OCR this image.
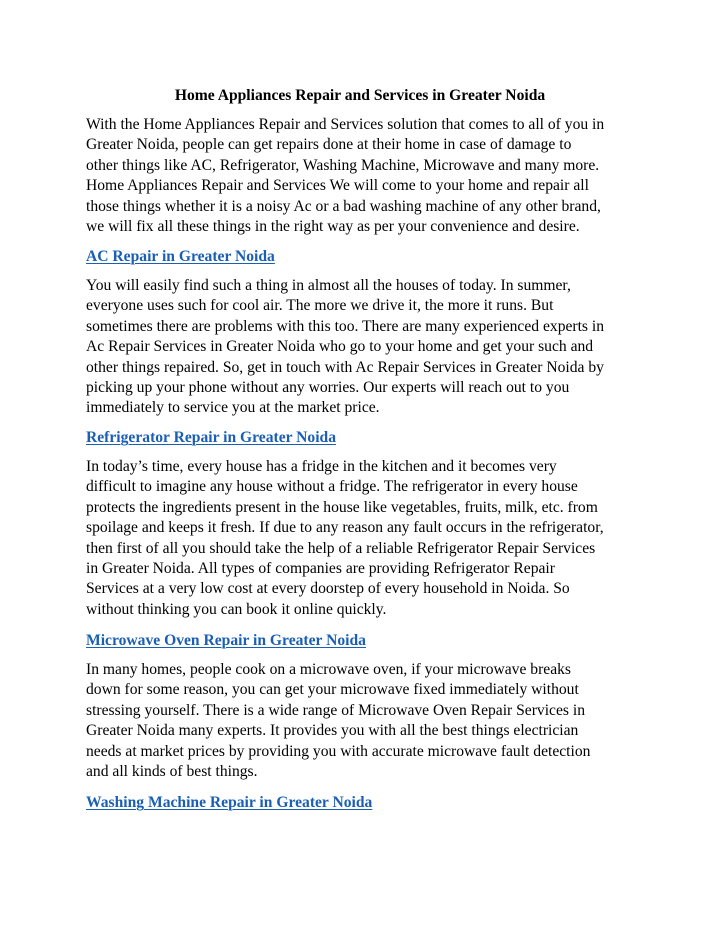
Home Appliances Repair and Services in Greater Noida

With the Home Appliances Repair and Services solution that comes to all of you in
Greater Noida, people can get repairs done at their home in case of damage to
other things like AC, Refrigerator, Washing Machine, Microwave and many more.
Home Appliances Repair and Services We will come to your home and repair all
those things whether it is a noisy Ac or a bad washing machine of any other brand,
we will fix all these things in the right way as per your convenience and desire.

AC Repair in Greater Noida

You will easily find such a thing in almost all the houses of today. In summer,
everyone uses such for cool air. The more we drive it, the more it runs. But
sometimes there are problems with this too. There are many experienced experts in
Ac Repair Services in Greater Noida who go to your home and get your such and
other things repaired. So, get in touch with Ac Repair Services in Greater Noida by
picking up your phone without any worries. Our experts will reach out to you
immediately to service you at the market price.

Refrigerator Repair in Greater Noida

In today’s time, every house has a fridge in the kitchen and it becomes very
difficult to imagine any house without a fridge. The refrigerator in every house
protects the ingredients present in the house like vegetables, fruits, milk, etc. from
spoilage and keeps it fresh. If due to any reason any fault occurs in the refrigerator,
then first of all you should take the help of a reliable Refrigerator Repair Services
in Greater Noida. All types of companies are providing Refrigerator Repair
Services at a very low cost at every doorstep of every household in Noida. So
without thinking you can book it online quickly.

Microwave Oven Repair in Greater Noida

In many homes, people cook on a microwave oven, if your microwave breaks
down for some reason, you can get your microwave fixed immediately without
stressing yourself. There is a wide range of Microwave Oven Repair Services in
Greater Noida many experts. It provides you with all the best things electrician
needs at market prices by providing you with accurate microwave fault detection
and all kinds of best things.

Washing Machine Repair in Greater Noida
